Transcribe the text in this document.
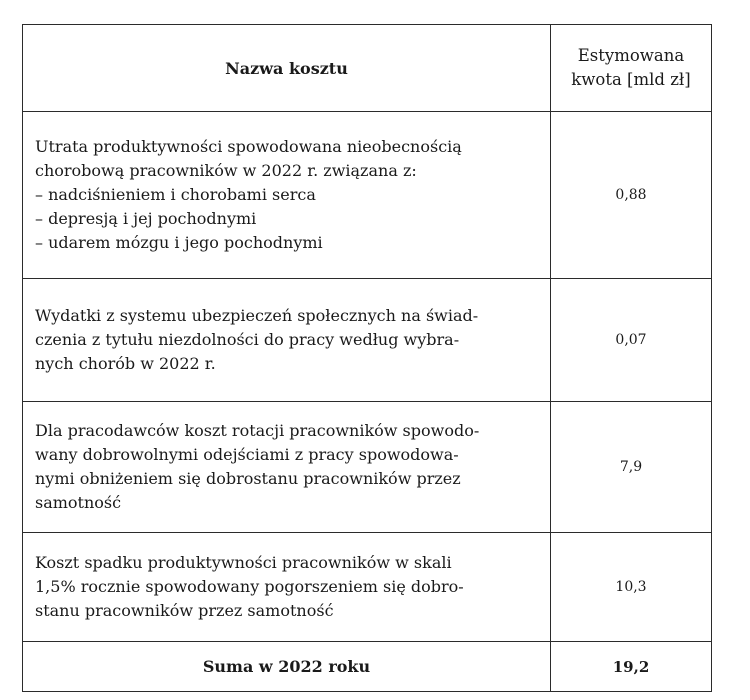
Nazwa kosztu	Estymowana
kwota [mld zł]

Utrata produktywności spowodowana nieobecnością
chorobową pracowników w 2022 r. związana z:
– nadciśnieniem i chorobami serca
– depresją i jej pochodnymi
– udarem mózgu i jego pochodnymi	0,88

Wydatki z systemu ubezpieczeń społecznych na świad-
czenia z tytułu niezdolności do pracy według wybra-
nych chorób w 2022 r.	0,07

Dla pracodawców koszt rotacji pracowników spowodo-
wany dobrowolnymi odejściami z pracy spowodowa-
nymi obniżeniem się dobrostanu pracowników przez
samotność	7,9

Koszt spadku produktywności pracowników w skali
1,5% rocznie spowodowany pogorszeniem się dobro-
stanu pracowników przez samotność	10,3
Suma w 2022 roku	19,2
